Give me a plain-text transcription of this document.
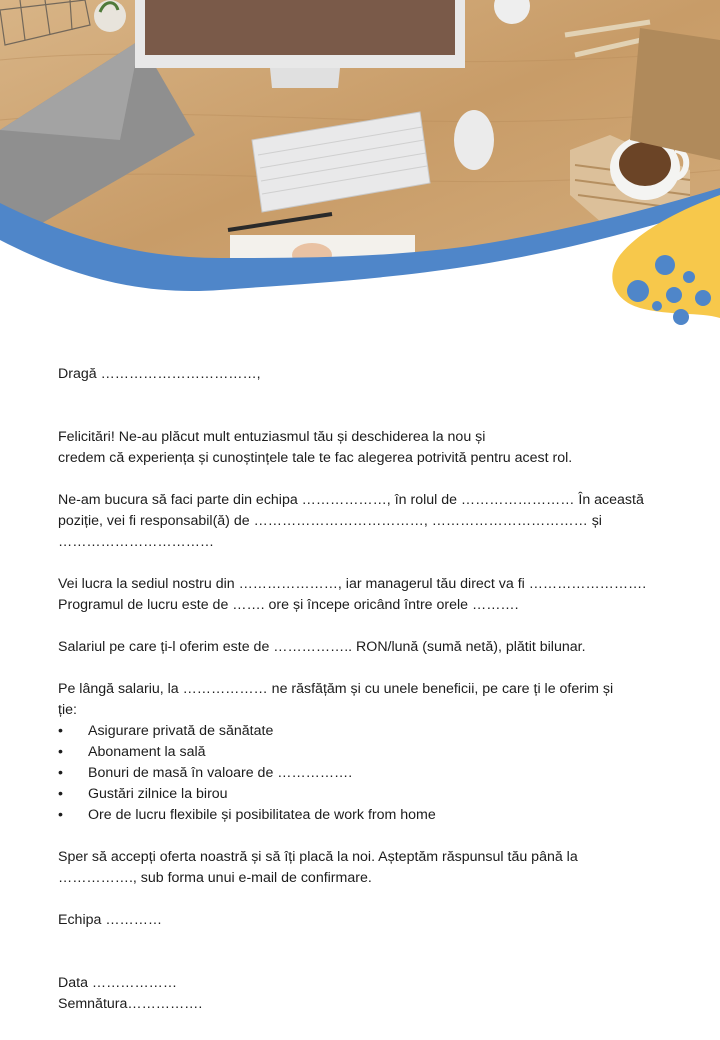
Dragă ……………………………,

Felicitări! Ne-au plăcut mult entuziasmul tău și deschiderea la nou și

credem că experiența și cunoștințele tale te fac alegerea potrivită pentru acest rol.

Ne-am bucura să faci parte din echipa ………………, în rolul de …………………… În această

poziție, vei fi responsabil(ă) de ………………………………, …………………………… și

……………………………

Vei lucra la sediul nostru din …………………, iar managerul tău direct va fi …………………….

Programul de lucru este de ……. ore și începe oricând între orele ……….

Salariul pe care ți-l oferim este de …………….. RON/lună (sumă netă), plătit bilunar.

Pe lângă salariu, la ……………… ne răsfățăm și cu unele beneficii, pe care ți le oferim și

ție:

• Asigurare privată de sănătate
• Abonament la sală
• Bonuri de masă în valoare de …………….
• Gustări zilnice la birou
• Ore de lucru flexibile și posibilitatea de work from home

Sper să accepți oferta noastră și să îți placă la noi. Așteptăm răspunsul tău până la

……………., sub forma unui e-mail de confirmare.

Echipa …………

Data ………………

Semnătura…………….
